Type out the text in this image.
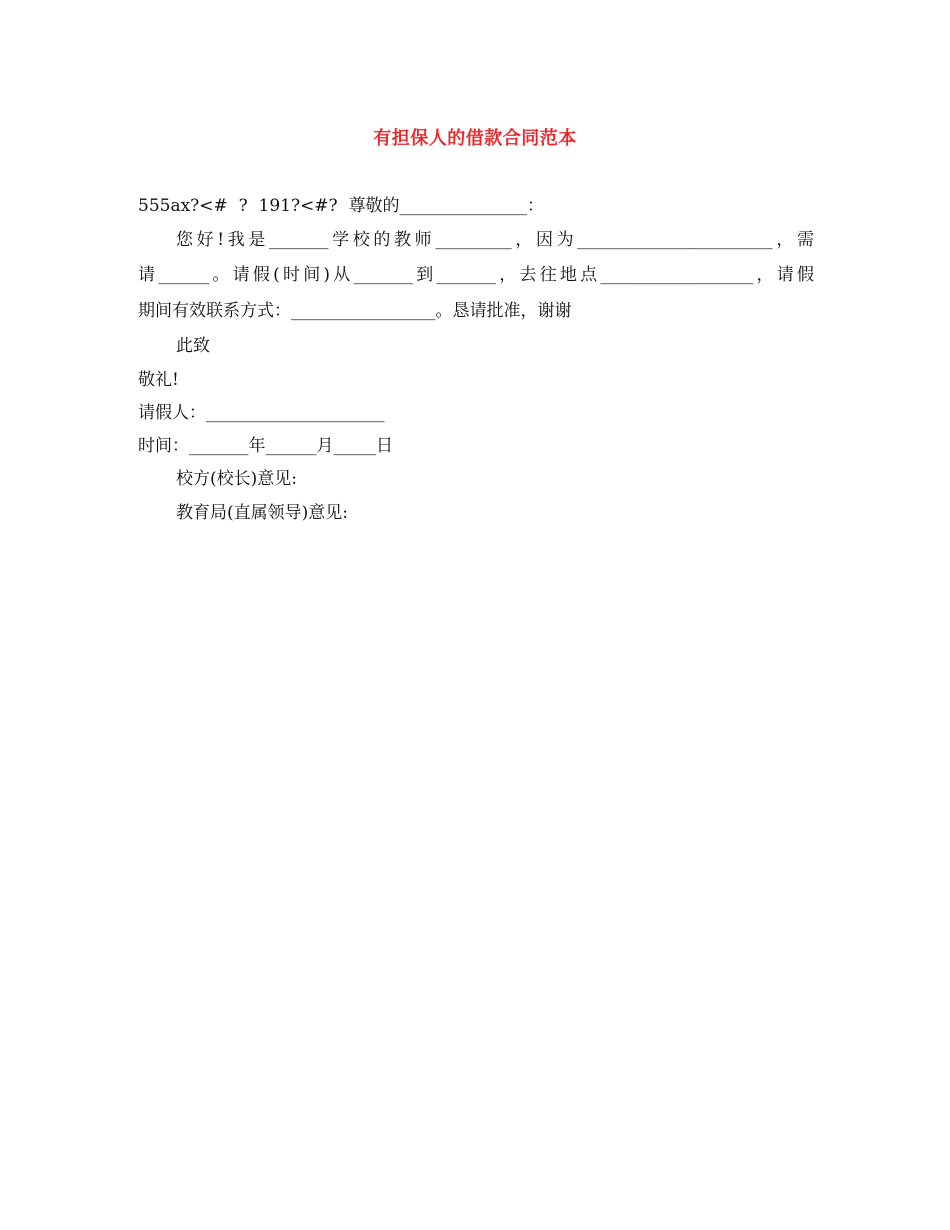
有担保人的借款合同范本
555ax?<#  ?  191?<#?  尊敬的_______________：
您好!我是_______学校的教师_________，因为_______________________，需
请______。请假(时间)从_______到_______，去往地点__________________，请假
期间有效联系方式：_________________。恳请批准，谢谢
此致
敬礼!
请假人：_____________________
时间：_______年______月_____日
校方(校长)意见:
教育局(直属领导)意见:
